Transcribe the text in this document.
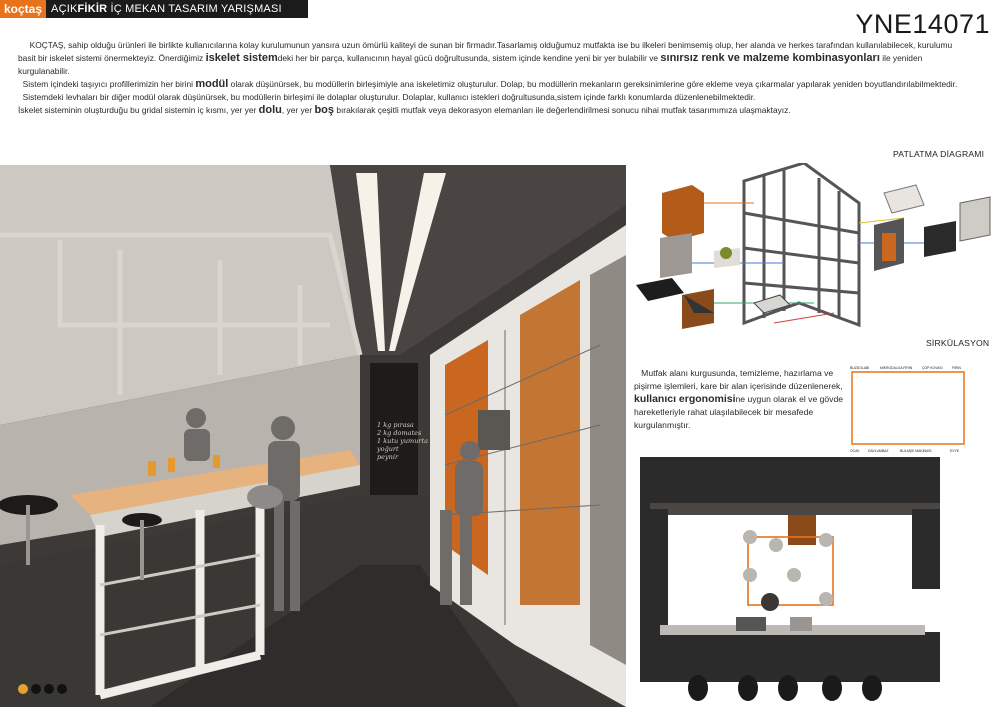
koçtaş AÇIKFİKİR İÇ MEKAN TASARIM YARIŞMASI	YNE14071

KOÇTAŞ, sahip olduğu ürünleri ile birlikte kullanıcılarına kolay kurulumunun yansıra uzun ömürlü kaliteyi de sunan bir firmadır.Tasarlamış olduğumuz mutfakta ise bu ilkeleri benimsemiş olup, her alanda ve herkes tarafından kullanılabilecek, kurulumu basit bir iskelet sistemi önermekteyiz. Önerdiğimiz iskelet sistemdeki her bir parça, kullanıcının hayal gücü doğrultusunda, sistem içinde kendine yeni bir yer bulabilir ve sınırsız renk ve malzeme kombinasyonları ile yeniden kurgulanabilir.

Sistem içindeki taşıyıcı profillerimizin her birini modül olarak düşünürsek, bu modüllerin birleşimiyle ana iskeletimiz oluşturulur. Dolap, bu modüllerin mekanların gereksinimlerine göre ekleme veya çıkarmalar yapılarak yeniden boyutlandırılabilmektedir.

Sistemdeki levhaları bir diğer modül olarak düşünürsek, bu modüllerin birleşimi ile dolaplar oluşturulur. Dolaplar, kullanıcı istekleri doğrultusunda,sistem içinde farklı konumlarda düzenlenebilmektedir.

İskelet sisteminin oluşturduğu bu gridal sistemin iç kısmı, yer yer dolu, yer yer boş bırakılarak çeşitli mutfak veya dekorasyon elemanları ile değerlendirilmesi sonucu nihai mutfak tasarımımıza ulaşmaktayız.

PATLATMA DİAGRAMI
SİRKÜLASYON
1 kg pırasa
2 kg domates
1 kutu yumurta
yoğurt
peynir
Mutfak alanı kurgusunda, temizleme, hazırlama ve pişirme işlemleri, kare bir alan içerisinde düzenlenerek, kullanıcı ergonomisine uygun olarak el ve gövde hareketleriyle rahat ulaşılabilecek bir mesafede kurgulanmıştır.
BUZDOLABI	MİKRODALGA FIRIN	ÇÖP KOVASI	FIRIN
OCAK DAVLUMBAZ	BULAŞIK MAKİNASI	EVYE
